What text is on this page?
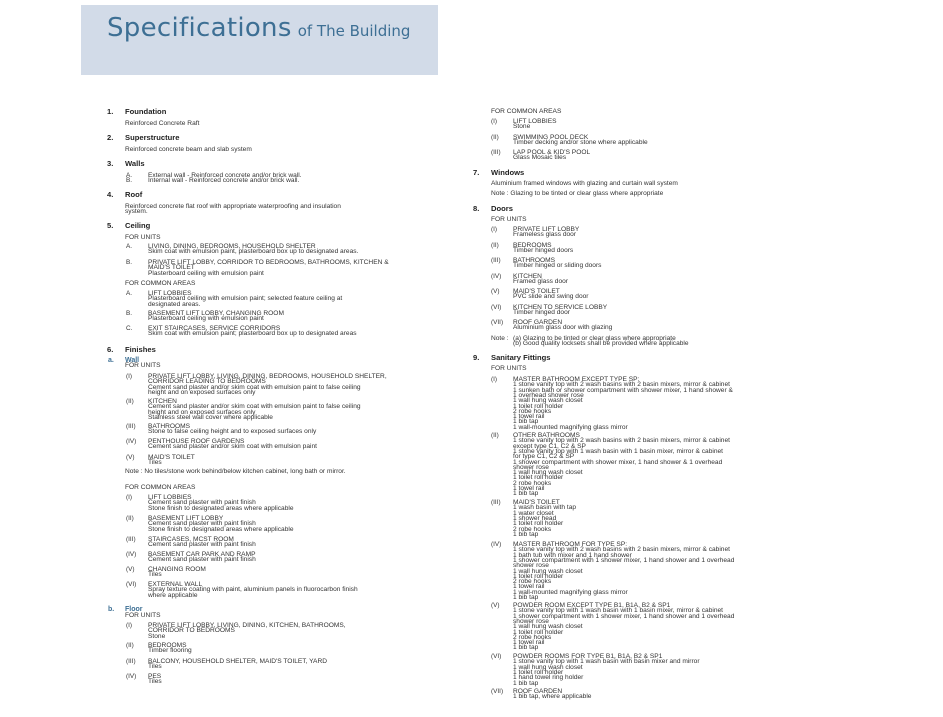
Specifications of The Building
1. Foundation
Reinforced Concrete Raft
2. Superstructure
Reinforced concrete beam and slab system
3. Walls
A. External wall - Reinforced concrete and/or brick wall.
B. Internal wall - Reinforced concrete and/or brick wall.
4. Roof
Reinforced concrete flat roof with appropriate waterproofing and insulation
system.
5. Ceiling
FOR UNITS
A. LIVING, DINING, BEDROOMS, HOUSEHOLD SHELTER
Skim coat with emulsion paint, plasterboard box up to designated areas.
B. PRIVATE LIFT LOBBY, CORRIDOR TO BEDROOMS, BATHROOMS, KITCHEN &
MAID'S TOILET
Plasterboard ceiling with emulsion paint
FOR COMMON AREAS
A. LIFT LOBBIES
Plasterboard ceiling with emulsion paint; selected feature ceiling at
designated areas.
B. BASEMENT LIFT LOBBY, CHANGING ROOM
Plasterboard ceiling with emulsion paint
C. EXIT STAIRCASES, SERVICE CORRIDORS
Skim coat with emulsion paint; plasterboard box up to designated areas
6. Finishes
a. Wall
FOR UNITS
(I) PRIVATE LIFT LOBBY, LIVING, DINING, BEDROOMS, HOUSEHOLD SHELTER,
CORRIDOR LEADING TO BEDROOMS
Cement sand plaster and/or skim coat with emulsion paint to false ceiling
height and on exposed surfaces only
(II) KITCHEN
Cement sand plaster and/or skim coat with emulsion paint to false ceiling
height and on exposed surfaces only
Stainless steel wall cover where applicable
(III) BATHROOMS
Stone to false ceiling height and to exposed surfaces only
(IV) PENTHOUSE ROOF GARDENS
Cement sand plaster and/or skim coat with emulsion paint
(V) MAID'S TOILET
Tiles
Note : No tiles/stone work behind/below kitchen cabinet, long bath or mirror.
FOR COMMON AREAS
(I) LIFT LOBBIES
Cement sand plaster with paint finish
Stone finish to designated areas where applicable
(II) BASEMENT LIFT LOBBY
Cement sand plaster with paint finish
Stone finish to designated areas where applicable
(III) STAIRCASES, MCST ROOM
Cement sand plaster with paint finish
(IV) BASEMENT CAR PARK AND RAMP
Cement sand plaster with paint finish
(V) CHANGING ROOM
Tiles
(VI) EXTERNAL WALL
Spray texture coating with paint, aluminium panels in fluorocarbon finish
where applicable
b. Floor
FOR UNITS
(I) PRIVATE LIFT LOBBY, LIVING, DINING, KITCHEN, BATHROOMS,
CORRIDOR TO BEDROOMS
Stone
(II) BEDROOMS
Timber flooring
(III) BALCONY, HOUSEHOLD SHELTER, MAID'S TOILET, YARD
Tiles
(IV) PES
Tiles
FOR COMMON AREAS
(I) LIFT LOBBIES
Stone
(II) SWIMMING POOL DECK
Timber decking and/or stone where applicable
(III) LAP POOL & KID'S POOL
Glass Mosaic tiles
7. Windows
Aluminium framed windows with glazing and curtain wall system
Note : Glazing to be tinted or clear glass where appropriate
8. Doors
FOR UNITS
(I) PRIVATE LIFT LOBBY
Frameless glass door
(II) BEDROOMS
Timber hinged doors
(III) BATHROOMS
Timber hinged or sliding doors
(IV) KITCHEN
Framed glass door
(V) MAID'S TOILET
PVC slide and swing door
(VI) KITCHEN TO SERVICE LOBBY
Timber hinged door
(VII) ROOF GARDEN
Aluminium glass door with glazing
Note : (a) Glazing to be tinted or clear glass where appropriate
(b) Good quality locksets shall be provided where applicable
9. Sanitary Fittings
FOR UNITS
(I) MASTER BATHROOM EXCEPT TYPE SP:
1 stone vanity top with 2 wash basins with 2 basin mixers, mirror & cabinet
1 sunken bath or shower compartment with shower mixer, 1 hand shower &
1 overhead shower rose
1 wall hung wash closet
1 toilet roll holder
2 robe hooks
1 towel rail
1 bib tap
1 wall-mounted magnifying glass mirror
(II) OTHER BATHROOMS
1 stone vanity top with 2 wash basins with 2 basin mixers, mirror & cabinet
except type C1, C2 & SP
1 stone vanity top with 1 wash basin with 1 basin mixer, mirror & cabinet
for type C1, C2 & SP
1 shower compartment with shower mixer, 1 hand shower & 1 overhead
shower rose
1 wall hung wash closet
1 toilet roll holder
2 robe hooks
1 towel rail
1 bib tap
(III) MAID'S TOILET
1 wash basin with tap
1 water closet
1 shower head
1 toilet roll holder
2 robe hooks
1 bib tap
(IV) MASTER BATHROOM FOR TYPE SP:
1 stone vanity top with 2 wash basins with 2 basin mixers, mirror & cabinet
1 bath tub with mixer and 1 hand shower
1 shower compartment with 1 shower mixer, 1 hand shower and 1 overhead
shower rose
1 wall hung wash closet
1 toilet roll holder
2 robe hooks
1 towel rail
1 wall-mounted magnifying glass mirror
1 bib tap
(V) POWDER ROOM EXCEPT TYPE B1, B1A, B2 & SP1
1 stone vanity top with 1 wash basin with 1 basin mixer, mirror & cabinet
1 shower compartment with 1 shower mixer, 1 hand shower and 1 overhead
shower rose
1 wall hung wash closet
1 toilet roll holder
2 robe hooks
1 towel rail
1 bib tap
(VI) POWDER ROOMS FOR TYPE B1, B1A, B2 & SP1
1 stone vanity top with 1 wash basin with basin mixer and mirror
1 wall hung wash closet
1 toilet roll holder
1 hand towel ring holder
1 bib tap
(VII) ROOF GARDEN
1 bib tap, where applicable
